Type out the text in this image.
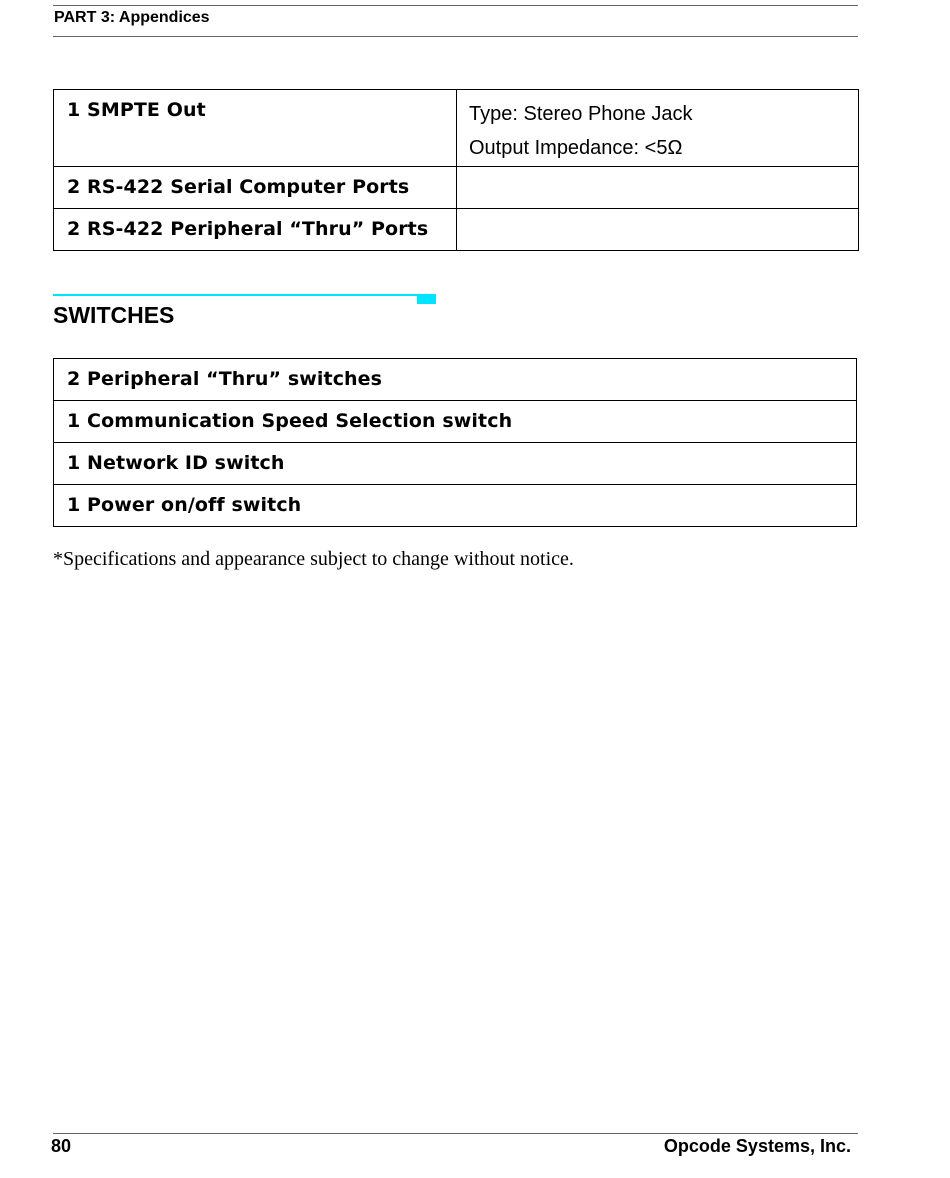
PART 3: Appendices
1 SMPTE Out	Type: Stereo Phone Jack
Output Impedance: <5Ω

2 RS-422 Serial Computer Ports	

2 RS-422 Peripheral “Thru” Ports	

SWITCHES
2 Peripheral “Thru” switches

1 Communication Speed Selection switch

1 Network ID switch

1 Power on/off switch
*Specifications and appearance subject to change without notice.
80	Opcode Systems, Inc.
